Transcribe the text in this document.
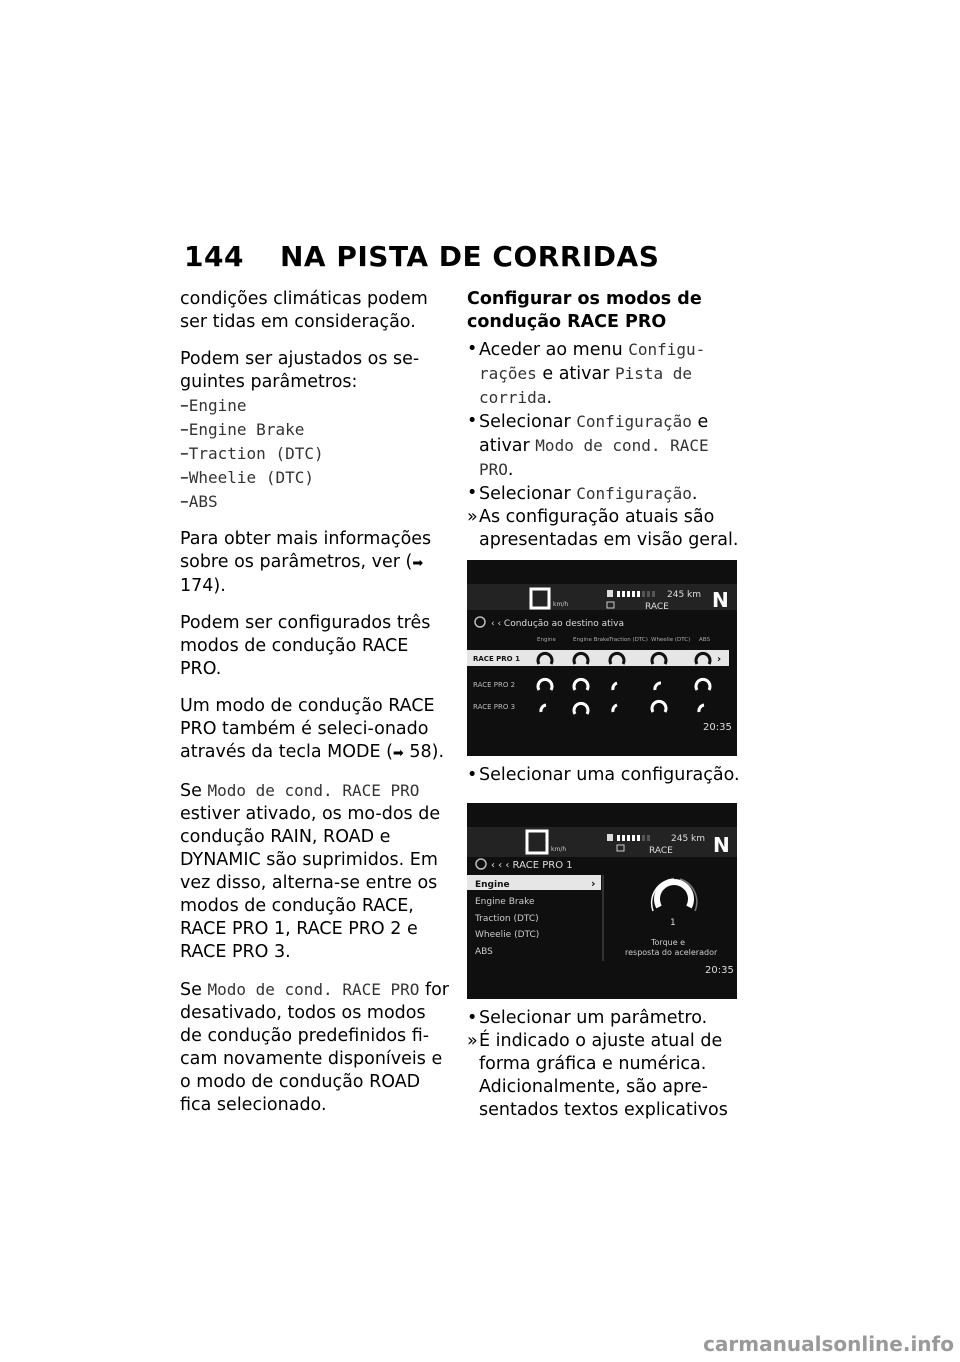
144 NA PISTA DE CORRIDAS

condições climáticas podem ser tidas em consideração.

Podem ser ajustados os se-guintes parâmetros:

–Engine
–Engine Brake
–Traction (DTC)
–Wheelie (DTC)
–ABS

Para obter mais informações sobre os parâmetros, ver (➡ 174).

Podem ser configurados três modos de condução RACE PRO.

Um modo de condução RACE PRO também é seleci-onado através da tecla MODE (➡ 58).

Se Modo de cond. RACE PRO estiver ativado, os mo-dos de condução RAIN, ROAD e DYNAMIC são suprimidos. Em vez disso, alterna-se entre os modos de condução RACE, RACE PRO 1, RACE PRO 2 e RACE PRO 3.

Se Modo de cond. RACE PRO for desativado, todos os modos de condução predefinidos fi-cam novamente disponíveis e o modo de condução ROAD fica selecionado.

Configurar os modos de condução RACE PRO
• Aceder ao menu Configu-rações e ativar Pista de corrida.
• Selecionar Configuração e ativar Modo de cond. RACE PRO.
• Selecionar Configuração.
» As configuração atuais são apresentadas em visão geral.
km/h
245 km
RACE N
‹ ‹ Condução ao destino ativa
Engine	Engine Brake Traction (DTC) Wheelie (DTC) ABS
RACE PRO 1
RACE PRO 2
RACE PRO 3
›
20:35
• Selecionar uma configuração.
km/h
245 km
RACE N
‹ ‹ ‹ RACE PRO 1
Engine	›
Engine Brake
Traction (DTC)
Wheelie (DTC)
ABS
1
Torque e
resposta do acelerador
20:35
• Selecionar um parâmetro.
» É indicado o ajuste atual de forma gráfica e numérica. Adicionalmente, são apre-sentados textos explicativos
carmanualsonline.info
